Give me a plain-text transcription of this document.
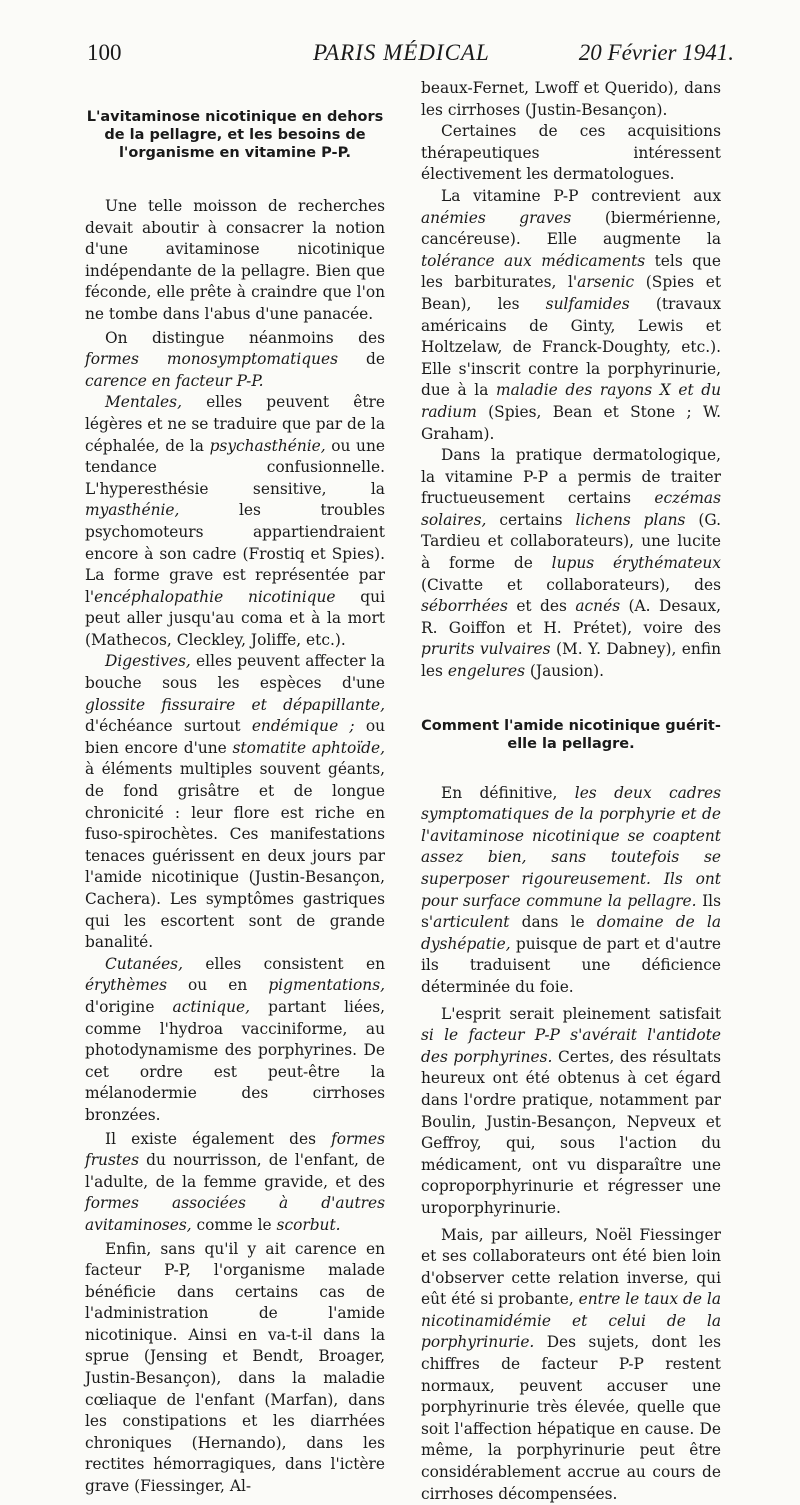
100	PARIS MÉDICAL	20 Février 1941.
L'avitaminose nicotinique en dehors de la pellagre, et les besoins de l'organisme en vitamine P-P.

Une telle moisson de recherches devait aboutir à consacrer la notion d'une avitaminose nicotinique indépendante de la pellagre. Bien que féconde, elle prête à craindre que l'on ne tombe dans l'abus d'une panacée.

On distingue néanmoins des formes monosymptomatiques de carence en facteur P-P.

Mentales, elles peuvent être légères et ne se traduire que par de la céphalée, de la psychasthénie, ou une tendance confusionnelle. L'hyperesthésie sensitive, la myasthénie, les troubles psychomoteurs appartiendraient encore à son cadre (Frostiq et Spies). La forme grave est représentée par l'encéphalopathie nicotinique qui peut aller jusqu'au coma et à la mort (Mathecos, Cleckley, Joliffe, etc.).

Digestives, elles peuvent affecter la bouche sous les espèces d'une glossite fissuraire et dépapillante, d'échéance surtout endémique ; ou bien encore d'une stomatite aphtoïde, à éléments multiples souvent géants, de fond grisâtre et de longue chronicité : leur flore est riche en fuso-spirochètes. Ces manifestations tenaces guérissent en deux jours par l'amide nicotinique (Justin-Besançon, Cachera). Les symptômes gastriques qui les escortent sont de grande banalité.

Cutanées, elles consistent en érythèmes ou en pigmentations, d'origine actinique, partant liées, comme l'hydroa vacciniforme, au photodynamisme des porphyrines. De cet ordre est peut-être la mélanodermie des cirrhoses bronzées.

Il existe également des formes frustes du nourrisson, de l'enfant, de l'adulte, de la femme gravide, et des formes associées à d'autres avitaminoses, comme le scorbut.

Enfin, sans qu'il y ait carence en facteur P-P, l'organisme malade bénéficie dans certains cas de l'administration de l'amide nicotinique. Ainsi en va-t-il dans la sprue (Jensing et Bendt, Broager, Justin-Besançon), dans la maladie cœliaque de l'enfant (Marfan), dans les constipations et les diarrhées chroniques (Hernando), dans les rectites hémorragiques, dans l'ictère grave (Fiessinger, Al-

beaux-Fernet, Lwoff et Querido), dans les cirrhoses (Justin-Besançon).

Certaines de ces acquisitions thérapeutiques intéressent électivement les dermatologues.

La vitamine P-P contrevient aux anémies graves (biermérienne, cancéreuse). Elle augmente la tolérance aux médicaments tels que les barbiturates, l'arsenic (Spies et Bean), les sulfamides (travaux américains de Ginty, Lewis et Holtzelaw, de Franck-Doughty, etc.). Elle s'inscrit contre la porphyrinurie, due à la maladie des rayons X et du radium (Spies, Bean et Stone ; W. Graham).

Dans la pratique dermatologique, la vitamine P-P a permis de traiter fructueusement certains eczémas solaires, certains lichens plans (G. Tardieu et collaborateurs), une lucite à forme de lupus érythémateux (Civatte et collaborateurs), des séborrhées et des acnés (A. Desaux, R. Goiffon et H. Prétet), voire des prurits vulvaires (M. Y. Dabney), enfin les engelures (Jausion).

Comment l'amide nicotinique guérit-elle la pellagre.

En définitive, les deux cadres symptomatiques de la porphyrie et de l'avitaminose nicotinique se coaptent assez bien, sans toutefois se superposer rigoureusement. Ils ont pour surface commune la pellagre. Ils s'articulent dans le domaine de la dyshépatie, puisque de part et d'autre ils traduisent une déficience déterminée du foie.

L'esprit serait pleinement satisfait si le facteur P-P s'avérait l'antidote des porphyrines. Certes, des résultats heureux ont été obtenus à cet égard dans l'ordre pratique, notamment par Boulin, Justin-Besançon, Nepveux et Geffroy, qui, sous l'action du médicament, ont vu disparaître une coproporphyrinurie et régresser une uroporphyrinurie.

Mais, par ailleurs, Noël Fiessinger et ses collaborateurs ont été bien loin d'observer cette relation inverse, qui eût été si probante, entre le taux de la nicotinamidémie et celui de la porphyrinurie. Des sujets, dont les chiffres de facteur P-P restent normaux, peuvent accuser une porphyrinurie très élevée, quelle que soit l'affection hépatique en cause. De même, la porphyrinurie peut être considérablement accrue au cours de cirrhoses décompensées.
